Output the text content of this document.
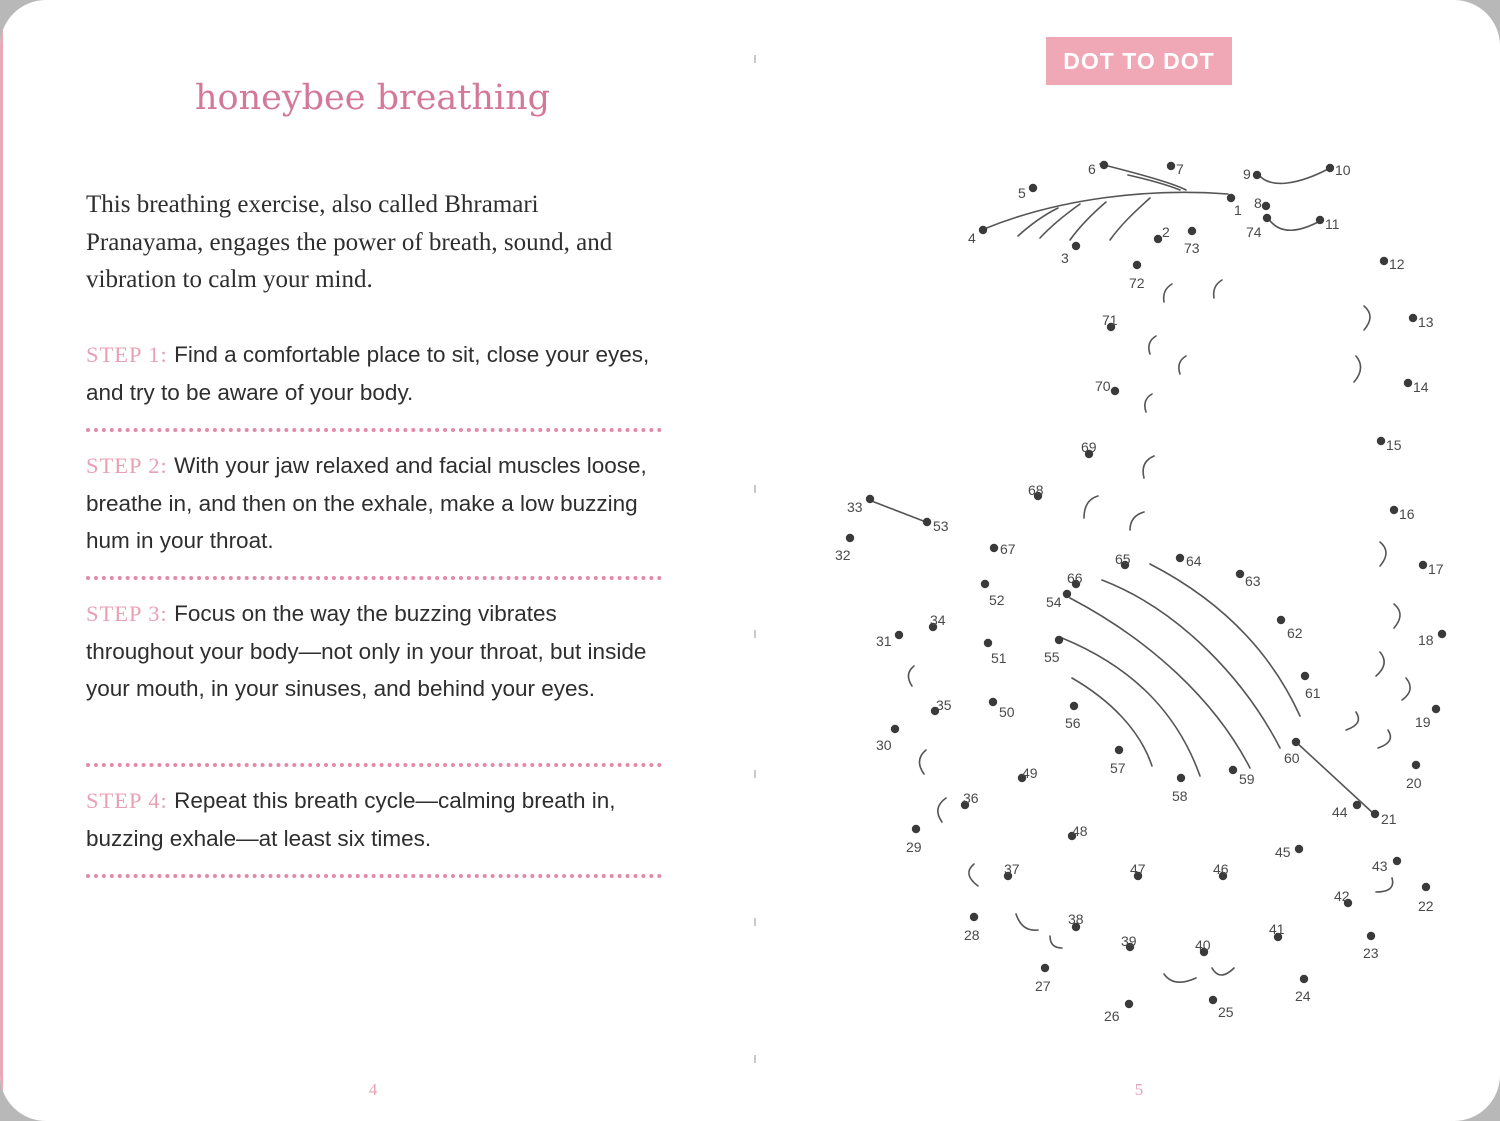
honeybee breathing
This breathing exercise, also called Bhramari Pranayama, engages the power of breath, sound, and vibration to calm your mind.
STEP 1: Find a comfortable place to sit, close your eyes, and try to be aware of your body.
STEP 2: With your jaw relaxed and facial muscles loose, breathe in, and then on the exhale, make a low buzzing hum in your throat.
STEP 3: Focus on the way the buzzing vibrates throughout your body—not only in your throat, but inside your mouth, in your sinuses, and behind your eyes.
STEP 4: Repeat this breath cycle—calming breath in, buzzing exhale—at least six times.
4
DOT TO DOT
5
1
2
3
4
5
6	7
8
9	10
11
12
13
14
15
16
17
18
19
20
21
22
23
24
25
26
27
28
29
30
31
32
33
34
35
36
37
38
39	40
41
42
43
44
45
46
47
48
49
50
51
52
53
54
55
56
57
58
59
60
61
62
63
64
65
66
67
68
69
70
71
72
73
74
